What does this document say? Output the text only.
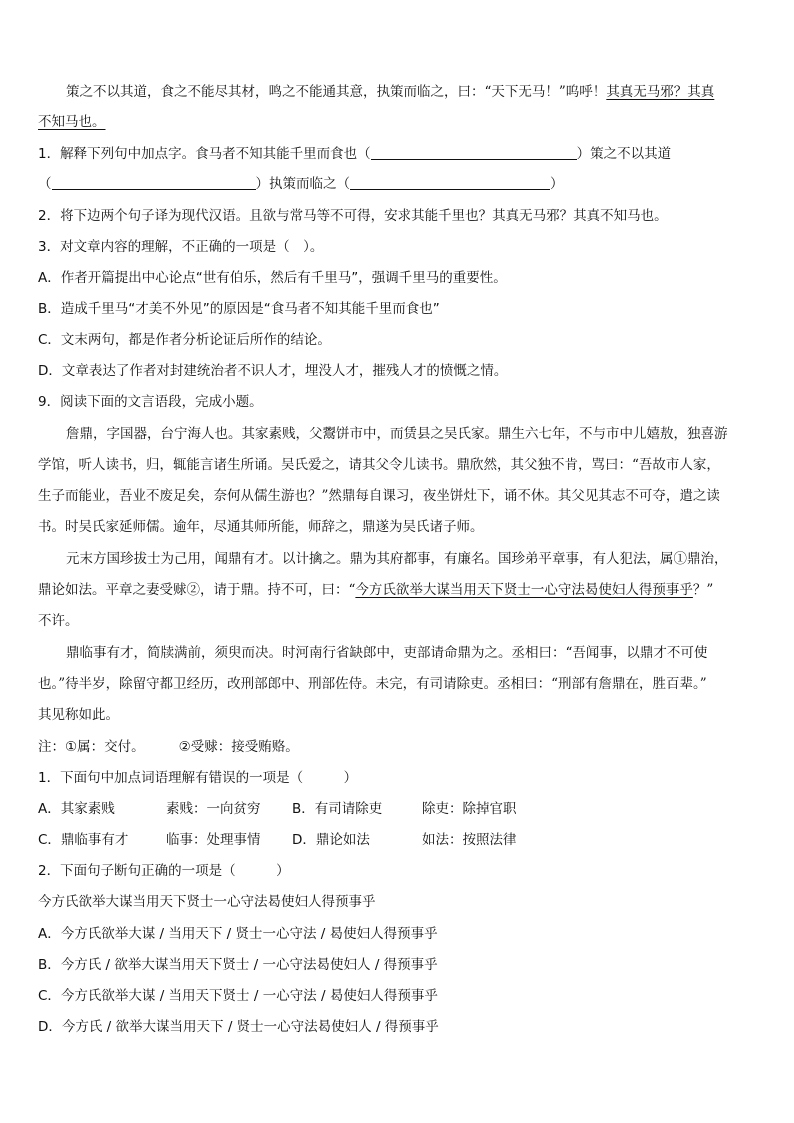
策之不以其道，食之不能尽其材，鸣之不能通其意，执策而临之，曰：“天下无马！”呜呼！其真无马邪？其真
不知马也。
1．解释下列句中加点字。食马者不知其能千里而食也（	）策之不以其道
（	）执策而临之（	）
2．将下边两个句子译为现代汉语。且欲与常马等不可得，安求其能千里也？其真无马邪？其真不知马也。
3．对文章内容的理解，不正确的一项是（　）。
A．作者开篇提出中心论点“世有伯乐，然后有千里马”，强调千里马的重要性。
B．造成千里马“才美不外见”的原因是“食马者不知其能千里而食也”
C．文末两句，都是作者分析论证后所作的结论。
D．文章表达了作者对封建统治者不识人才，埋没人才，摧残人才的愤慨之情。
9．阅读下面的文言语段，完成小题。
詹鼎，字国器，台宁海人也。其家素贱，父鬻饼市中，而赁县之吴氏家。鼎生六七年，不与市中儿嬉敖，独喜游
学馆，听人读书，归，辄能言诸生所诵。吴氏爱之，请其父令儿读书。鼎欣然，其父独不肯，骂曰：“吾故市人家，
生子而能业，吾业不废足矣，奈何从儒生游也？”然鼎每自课习，夜坐饼灶下，诵不休。其父见其志不可夺，遣之读
书。时吴氏家延师儒。逾年，尽通其师所能，师辞之，鼎遂为吴氏诸子师。
元末方国珍拔士为己用，闻鼎有才。以计擒之。鼎为其府都事，有廉名。国珍弟平章事，有人犯法，属①鼎治，
鼎论如法。平章之妻受赇②，请于鼎。持不可，曰：“今方氏欲举大谋当用天下贤士一心守法曷使妇人得预事乎？”
不许。
鼎临事有才，简牍满前，须臾而决。时河南行省缺郎中，吏部请命鼎为之。丞相曰：“吾闻事，以鼎才不可使
也。”待半岁，除留守都卫经历，改刑部郎中、刑部佐侍。未完，有司请除吏。丞相曰：“刑部有詹鼎在，胜百辈。”
其见称如此。
注：①属：交付。	②受赇：接受贿赂。
1．下面句中加点词语理解有错误的一项是（　　　）
A．其家素贱	素贱：一向贫穷 B．有司请除吏	除吏：除掉官职
C．鼎临事有才	临事：处理事情 D．鼎论如法	如法：按照法律
2．下面句子断句正确的一项是（　　　）
今方氏欲举大谋当用天下贤士一心守法曷使妇人得预事乎
A．今方氏欲举大谋 / 当用天下 / 贤士一心守法 / 曷使妇人得预事乎
B．今方氏 / 欲举大谋当用天下贤士 / 一心守法曷使妇人 / 得预事乎
C．今方氏欲举大谋 / 当用天下贤士 / 一心守法 / 曷使妇人得预事乎
D．今方氏 / 欲举大谋当用天下 / 贤士一心守法曷使妇人 / 得预事乎
